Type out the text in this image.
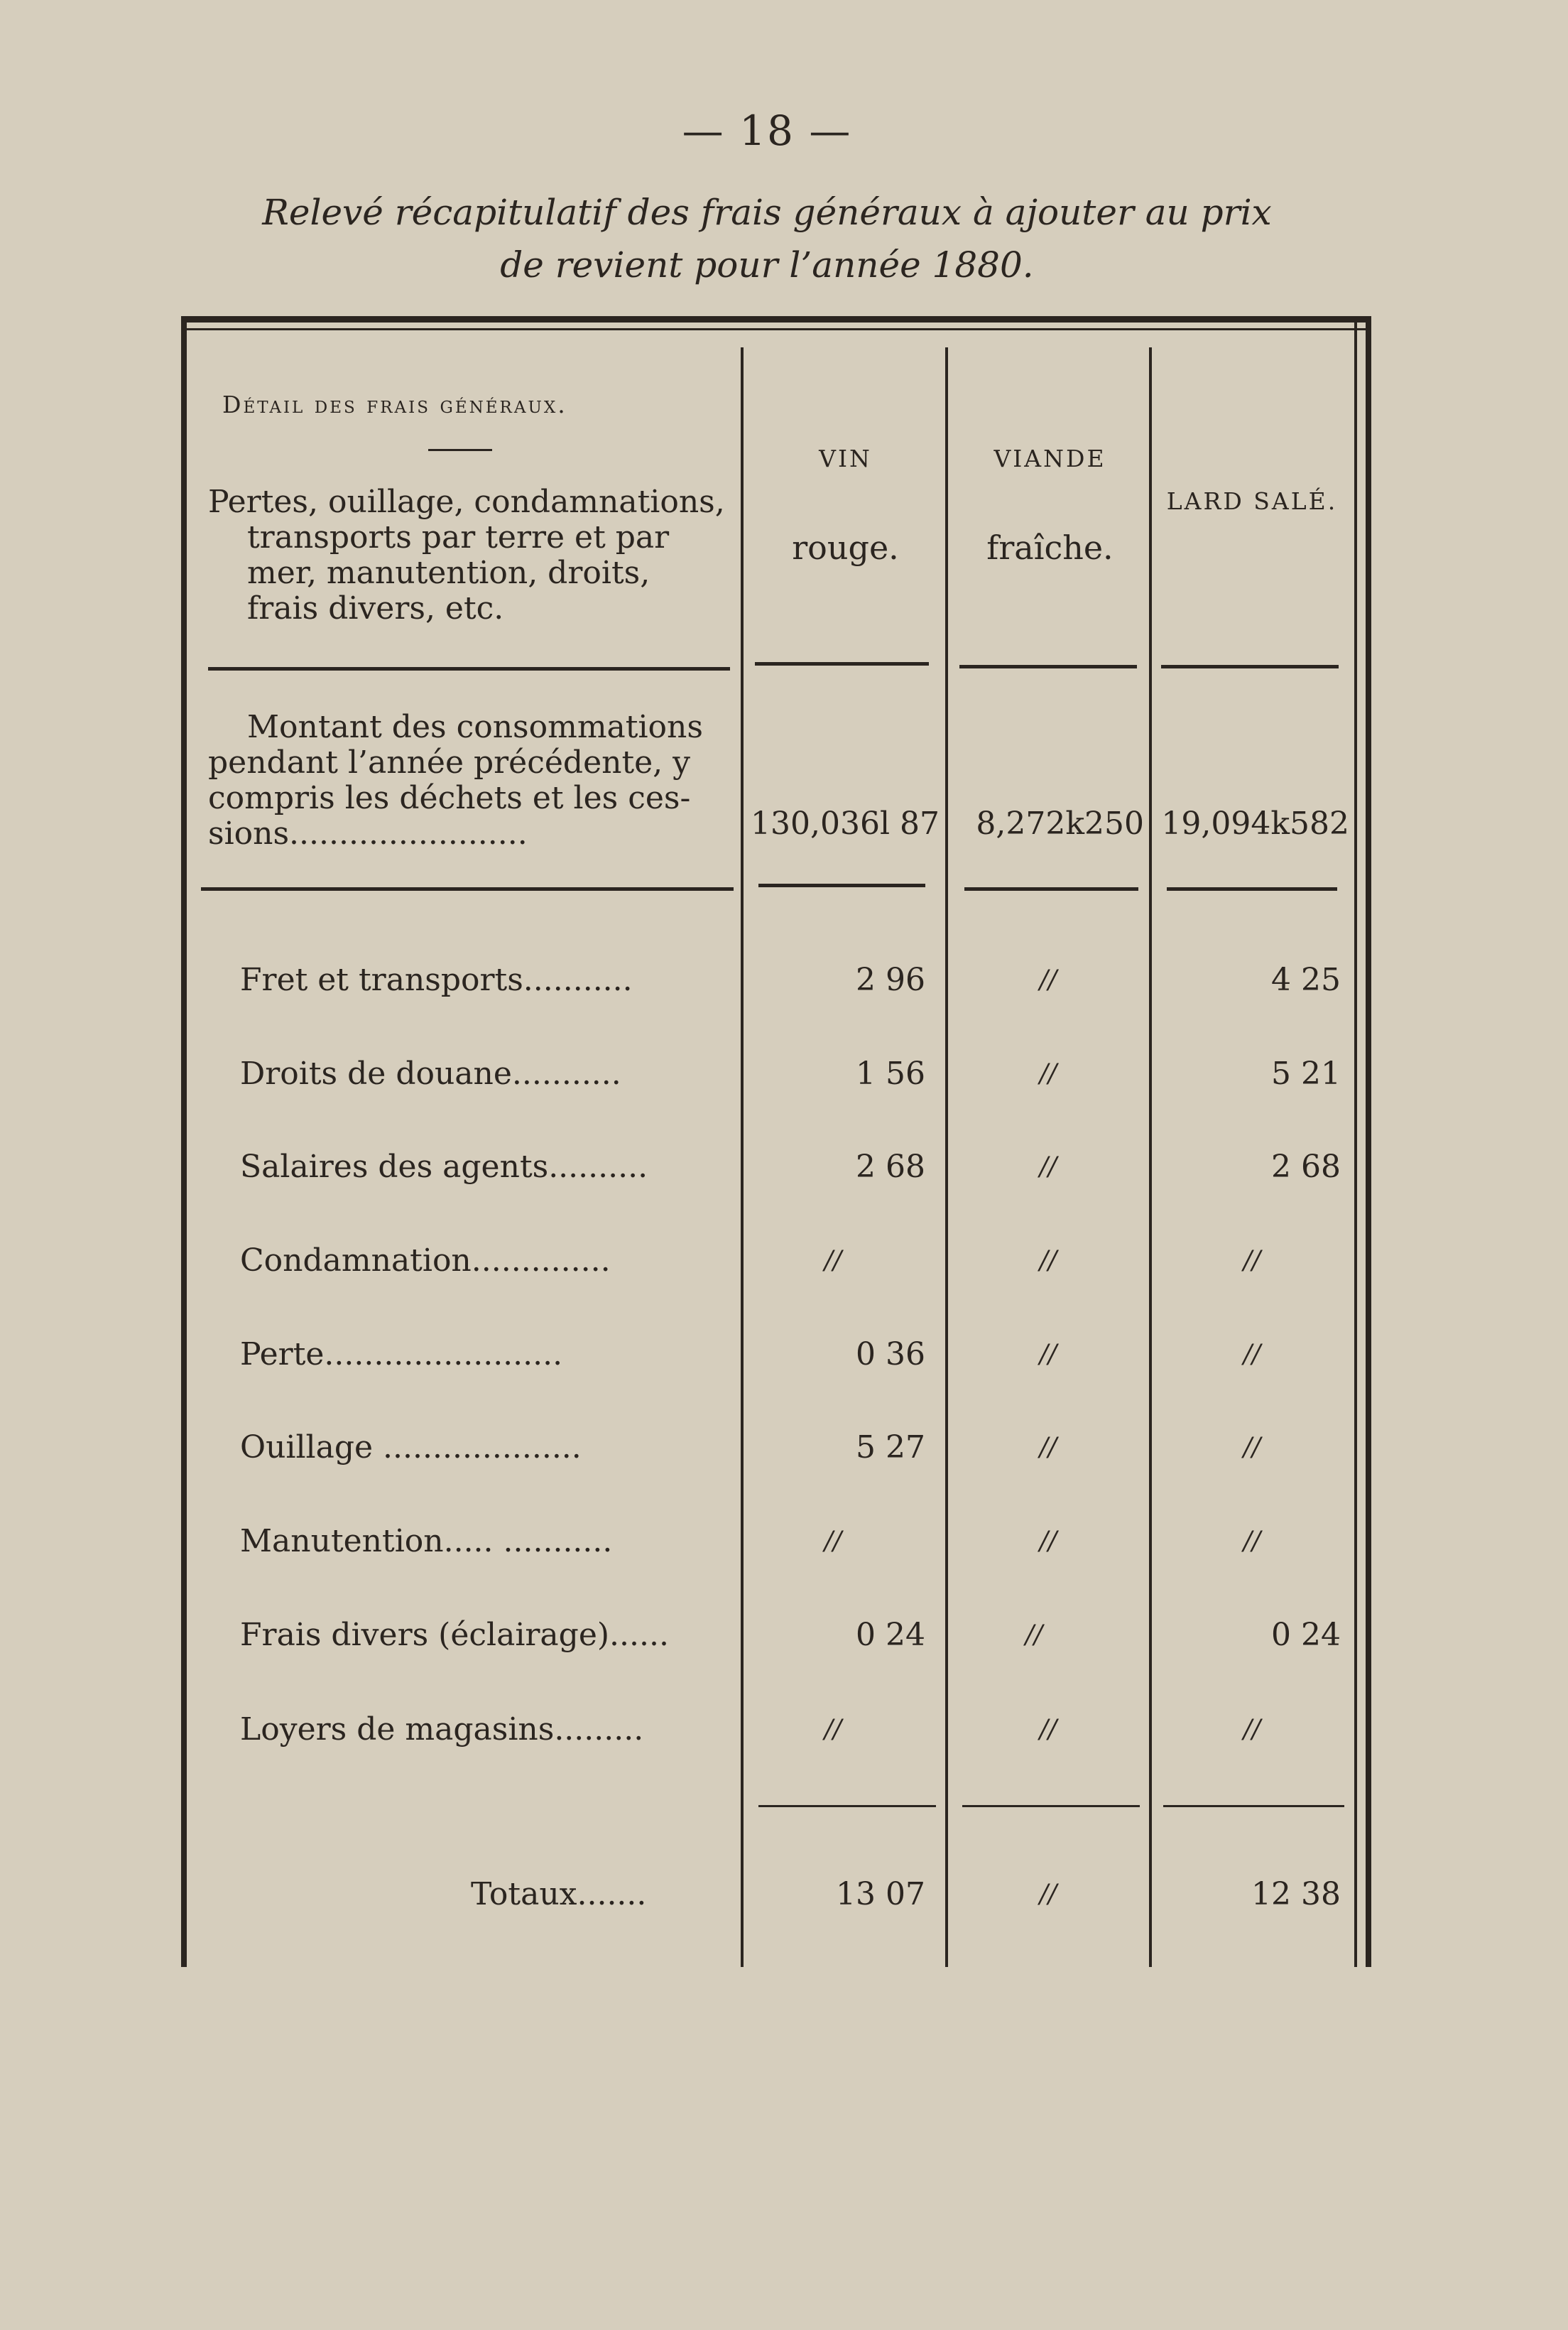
— 18 —
Relevé récapitulatif des frais généraux à ajouter au prix
de revient pour l’année 1880.
Détail des frais généraux.
Pertes, ouillage, condamnations,
transports par terre et par
mer, manutention, droits,
frais divers, etc.
VIN
rouge.
VIANDE
fraîche.
LARD SALÉ.
Montant des consommations
pendant l’année précédente, y compris les déchets et les ces- sions........................	130,036l 87	8,272k250 19,094k582
Fret et transports...........	2 96	//	4 25
Droits de douane...........	1 56	//	5 21
Salaires des agents..........	2 68	//	2 68
Condamnation..............	//	//	//
Perte........................	0 36	//	//
Ouillage ....................	5 27	//	//
Manutention..... ...........	//	//	//
Frais divers (éclairage)......	0 24	//	0 24
Loyers de magasins.........	//	//	//
Totaux.......	13 07	//	12 38
